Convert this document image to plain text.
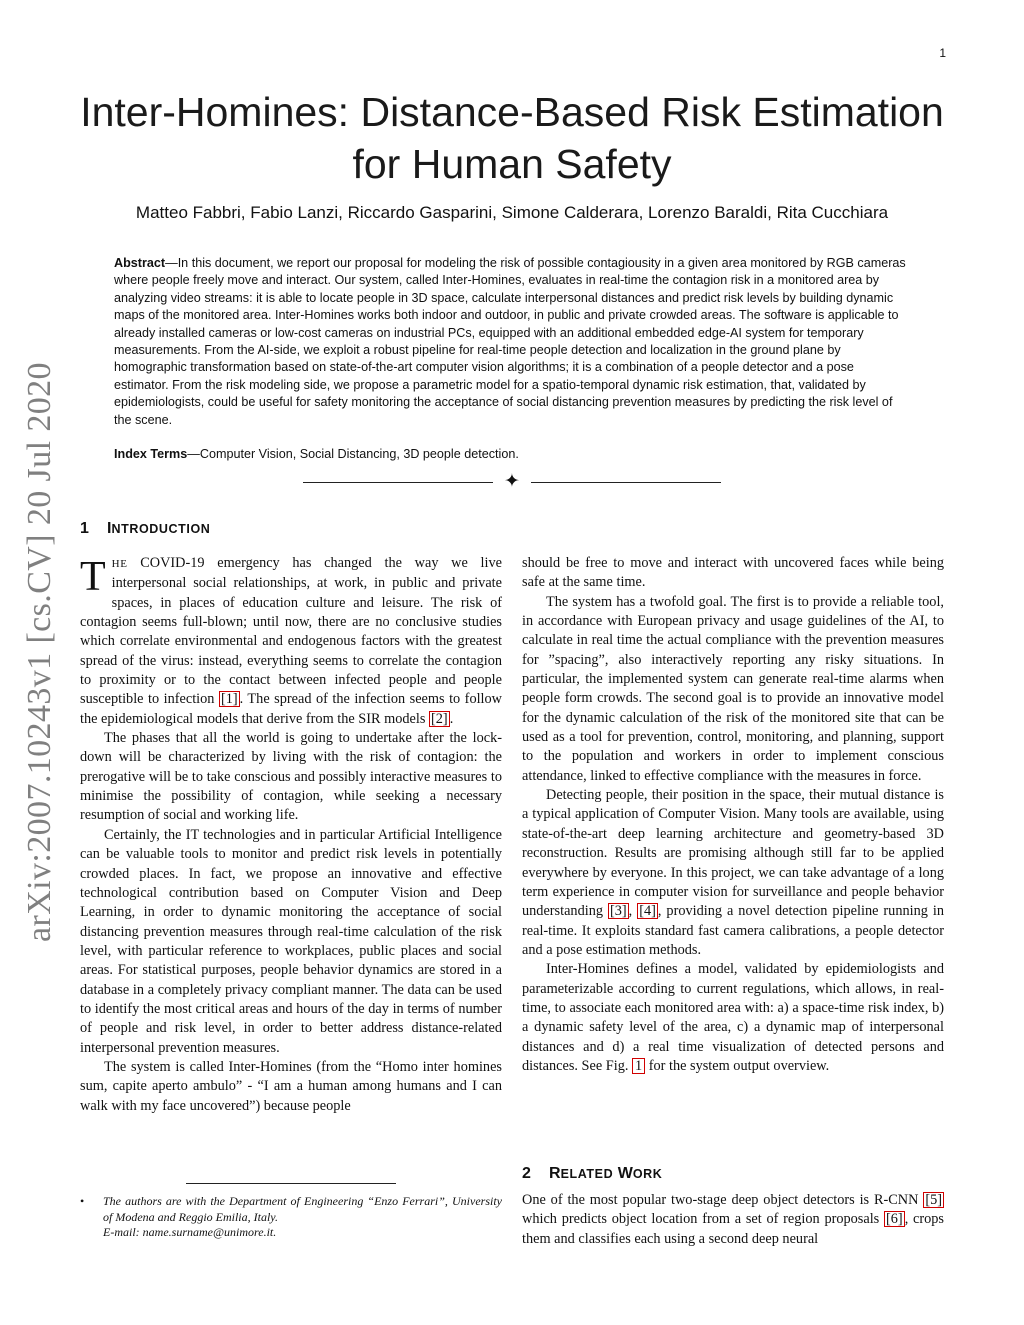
1
arXiv:2007.10243v1 [cs.CV] 20 Jul 2020
Inter-Homines: Distance-Based Risk Estimation
for Human Safety
Matteo Fabbri, Fabio Lanzi, Riccardo Gasparini, Simone Calderara, Lorenzo Baraldi, Rita Cucchiara
Abstract—In this document, we report our proposal for modeling the risk of possible contagiousity in a given area monitored by RGB cameras where people freely move and interact. Our system, called Inter-Homines, evaluates in real-time the contagion risk in a monitored area by analyzing video streams: it is able to locate people in 3D space, calculate interpersonal distances and predict risk levels by building dynamic maps of the monitored area. Inter-Homines works both indoor and outdoor, in public and private crowded areas. The software is applicable to already installed cameras or low-cost cameras on industrial PCs, equipped with an additional embedded edge-AI system for temporary measurements. From the AI-side, we exploit a robust pipeline for real-time people detection and localization in the ground plane by homographic transformation based on state-of-the-art computer vision algorithms; it is a combination of a people detector and a pose estimator. From the risk modeling side, we propose a parametric model for a spatio-temporal dynamic risk estimation, that, validated by epidemiologists, could be useful for safety monitoring the acceptance of social distancing prevention measures by predicting the risk level of the scene.
Index Terms—Computer Vision, Social Distancing, 3D people detection.
✦
1 INTRODUCTION

THE COVID-19 emergency has changed the way we live interpersonal social relationships, at work, in public and private spaces, in places of education culture and leisure. The risk of contagion seems full-blown; until now, there are no conclusive studies which correlate environmental and endogenous factors with the greatest spread of the virus: instead, everything seems to correlate the contagion to proximity or to the contact between infected people and people susceptible to infection [1] . The spread of the infection seems to follow the epidemiological models that derive from the SIR models [2] .

The phases that all the world is going to undertake after the lock-down will be characterized by living with the risk of contagion: the prerogative will be to take conscious and possibly interactive measures to minimise the possibility of contagion, while seeking a necessary resumption of social and working life.

Certainly, the IT technologies and in particular Artificial Intelligence can be valuable tools to monitor and predict risk levels in potentially crowded places. In fact, we propose an innovative and effective technological contribution based on Computer Vision and Deep Learning, in order to dynamic monitoring the acceptance of social distancing prevention measures through real-time calculation of the risk level, with particular reference to workplaces, public places and social areas. For statistical purposes, people behavior dynamics are stored in a database in a completely privacy compliant manner. The data can be used to identify the most critical areas and hours of the day in terms of number of people and risk level, in order to better address distance-related interpersonal prevention measures.

The system is called Inter-Homines (from the “Homo inter homines sum, capite aperto ambulo” - “I am a human among humans and I can walk with my face uncovered”) because people

should be free to move and interact with uncovered faces while being safe at the same time.

The system has a twofold goal. The first is to provide a reliable tool, in accordance with European privacy and usage guidelines of the AI, to calculate in real time the actual compliance with the prevention measures for ”spacing”, also interactively reporting any risky situations. In particular, the implemented system can generate real-time alarms when people form crowds. The second goal is to provide an innovative model for the dynamic calculation of the risk of the monitored site that can be used as a tool for prevention, control, monitoring, and planning, support to the population and workers in order to implement conscious attendance, linked to effective compliance with the measures in force.

Detecting people, their position in the space, their mutual distance is a typical application of Computer Vision. Many tools are available, using state-of-the-art deep learning architecture and geometry-based 3D reconstruction. Results are promising although still far to be applied everywhere by everyone. In this project, we can take advantage of a long term experience in computer vision for surveillance and people behavior understanding [3] , [4] , providing a novel detection pipeline running in real-time. It exploits standard fast camera calibrations, a people detector and a pose estimation methods.

Inter-Homines defines a model, validated by epidemiologists and parameterizable according to current regulations, which allows, in real-time, to associate each monitored area with: a) a space-time risk index, b) a dynamic safety level of the area, c) a dynamic map of interpersonal distances and d) a real time visualization of detected persons and distances. See Fig. 1 for the system output overview.

2 RELATED WORK

One of the most popular two-stage deep object detectors is R-CNN [5] which predicts object location from a set of region proposals [6] , crops them and classifies each using a second deep neural

• The authors are with the Department of Engineering “Enzo Ferrari”, University of Modena and Reggio Emilia, Italy.
E-mail: name.surname@unimore.it.
